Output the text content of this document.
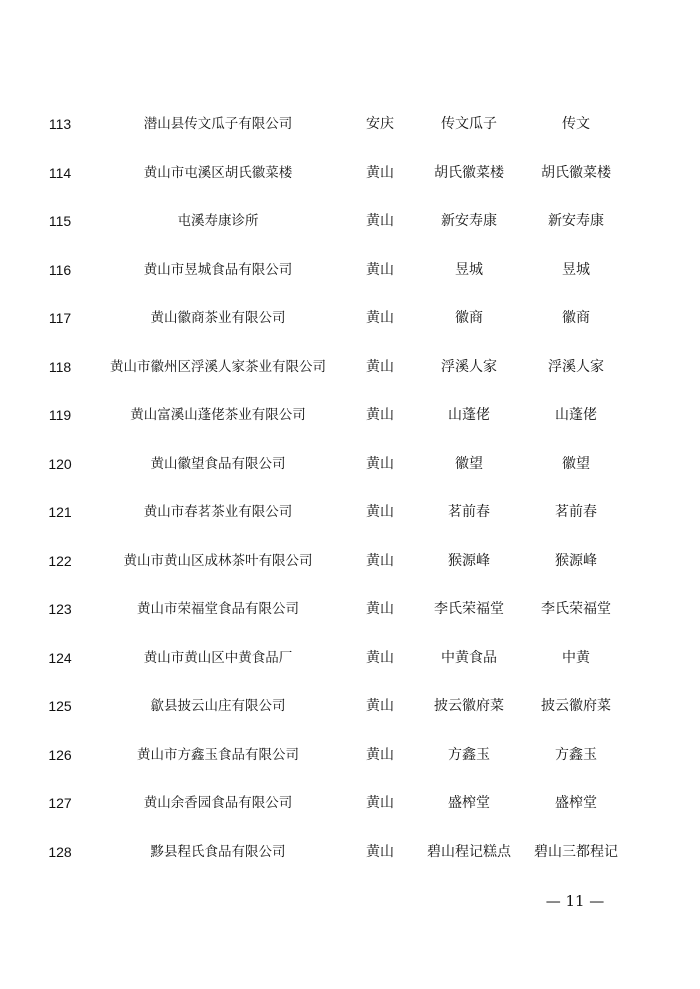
113	潜山县传文瓜子有限公司	安庆	传文瓜子	传文
114	黄山市屯溪区胡氏徽菜楼	黄山	胡氏徽菜楼	胡氏徽菜楼
115	屯溪寿康诊所	黄山	新安寿康	新安寿康
116	黄山市昱城食品有限公司	黄山	昱城	昱城
117	黄山徽商茶业有限公司	黄山	徽商	徽商
118	黄山市徽州区浮溪人家茶业有限公司	黄山	浮溪人家	浮溪人家
119	黄山富溪山蓬佬茶业有限公司	黄山	山蓬佬	山蓬佬
120	黄山徽望食品有限公司	黄山	徽望	徽望
121	黄山市春茗茶业有限公司	黄山	茗前春	茗前春
122	黄山市黄山区成林茶叶有限公司	黄山	猴源峰	猴源峰
123	黄山市荣福堂食品有限公司	黄山	李氏荣福堂	李氏荣福堂
124	黄山市黄山区中黄食品厂	黄山	中黄食品	中黄
125	歙县披云山庄有限公司	黄山	披云徽府菜	披云徽府菜
126	黄山市方鑫玉食品有限公司	黄山	方鑫玉	方鑫玉
127	黄山余香园食品有限公司	黄山	盛榨堂	盛榨堂
128	黟县程氏食品有限公司	黄山	碧山程记糕点	碧山三都程记
— 11 —
